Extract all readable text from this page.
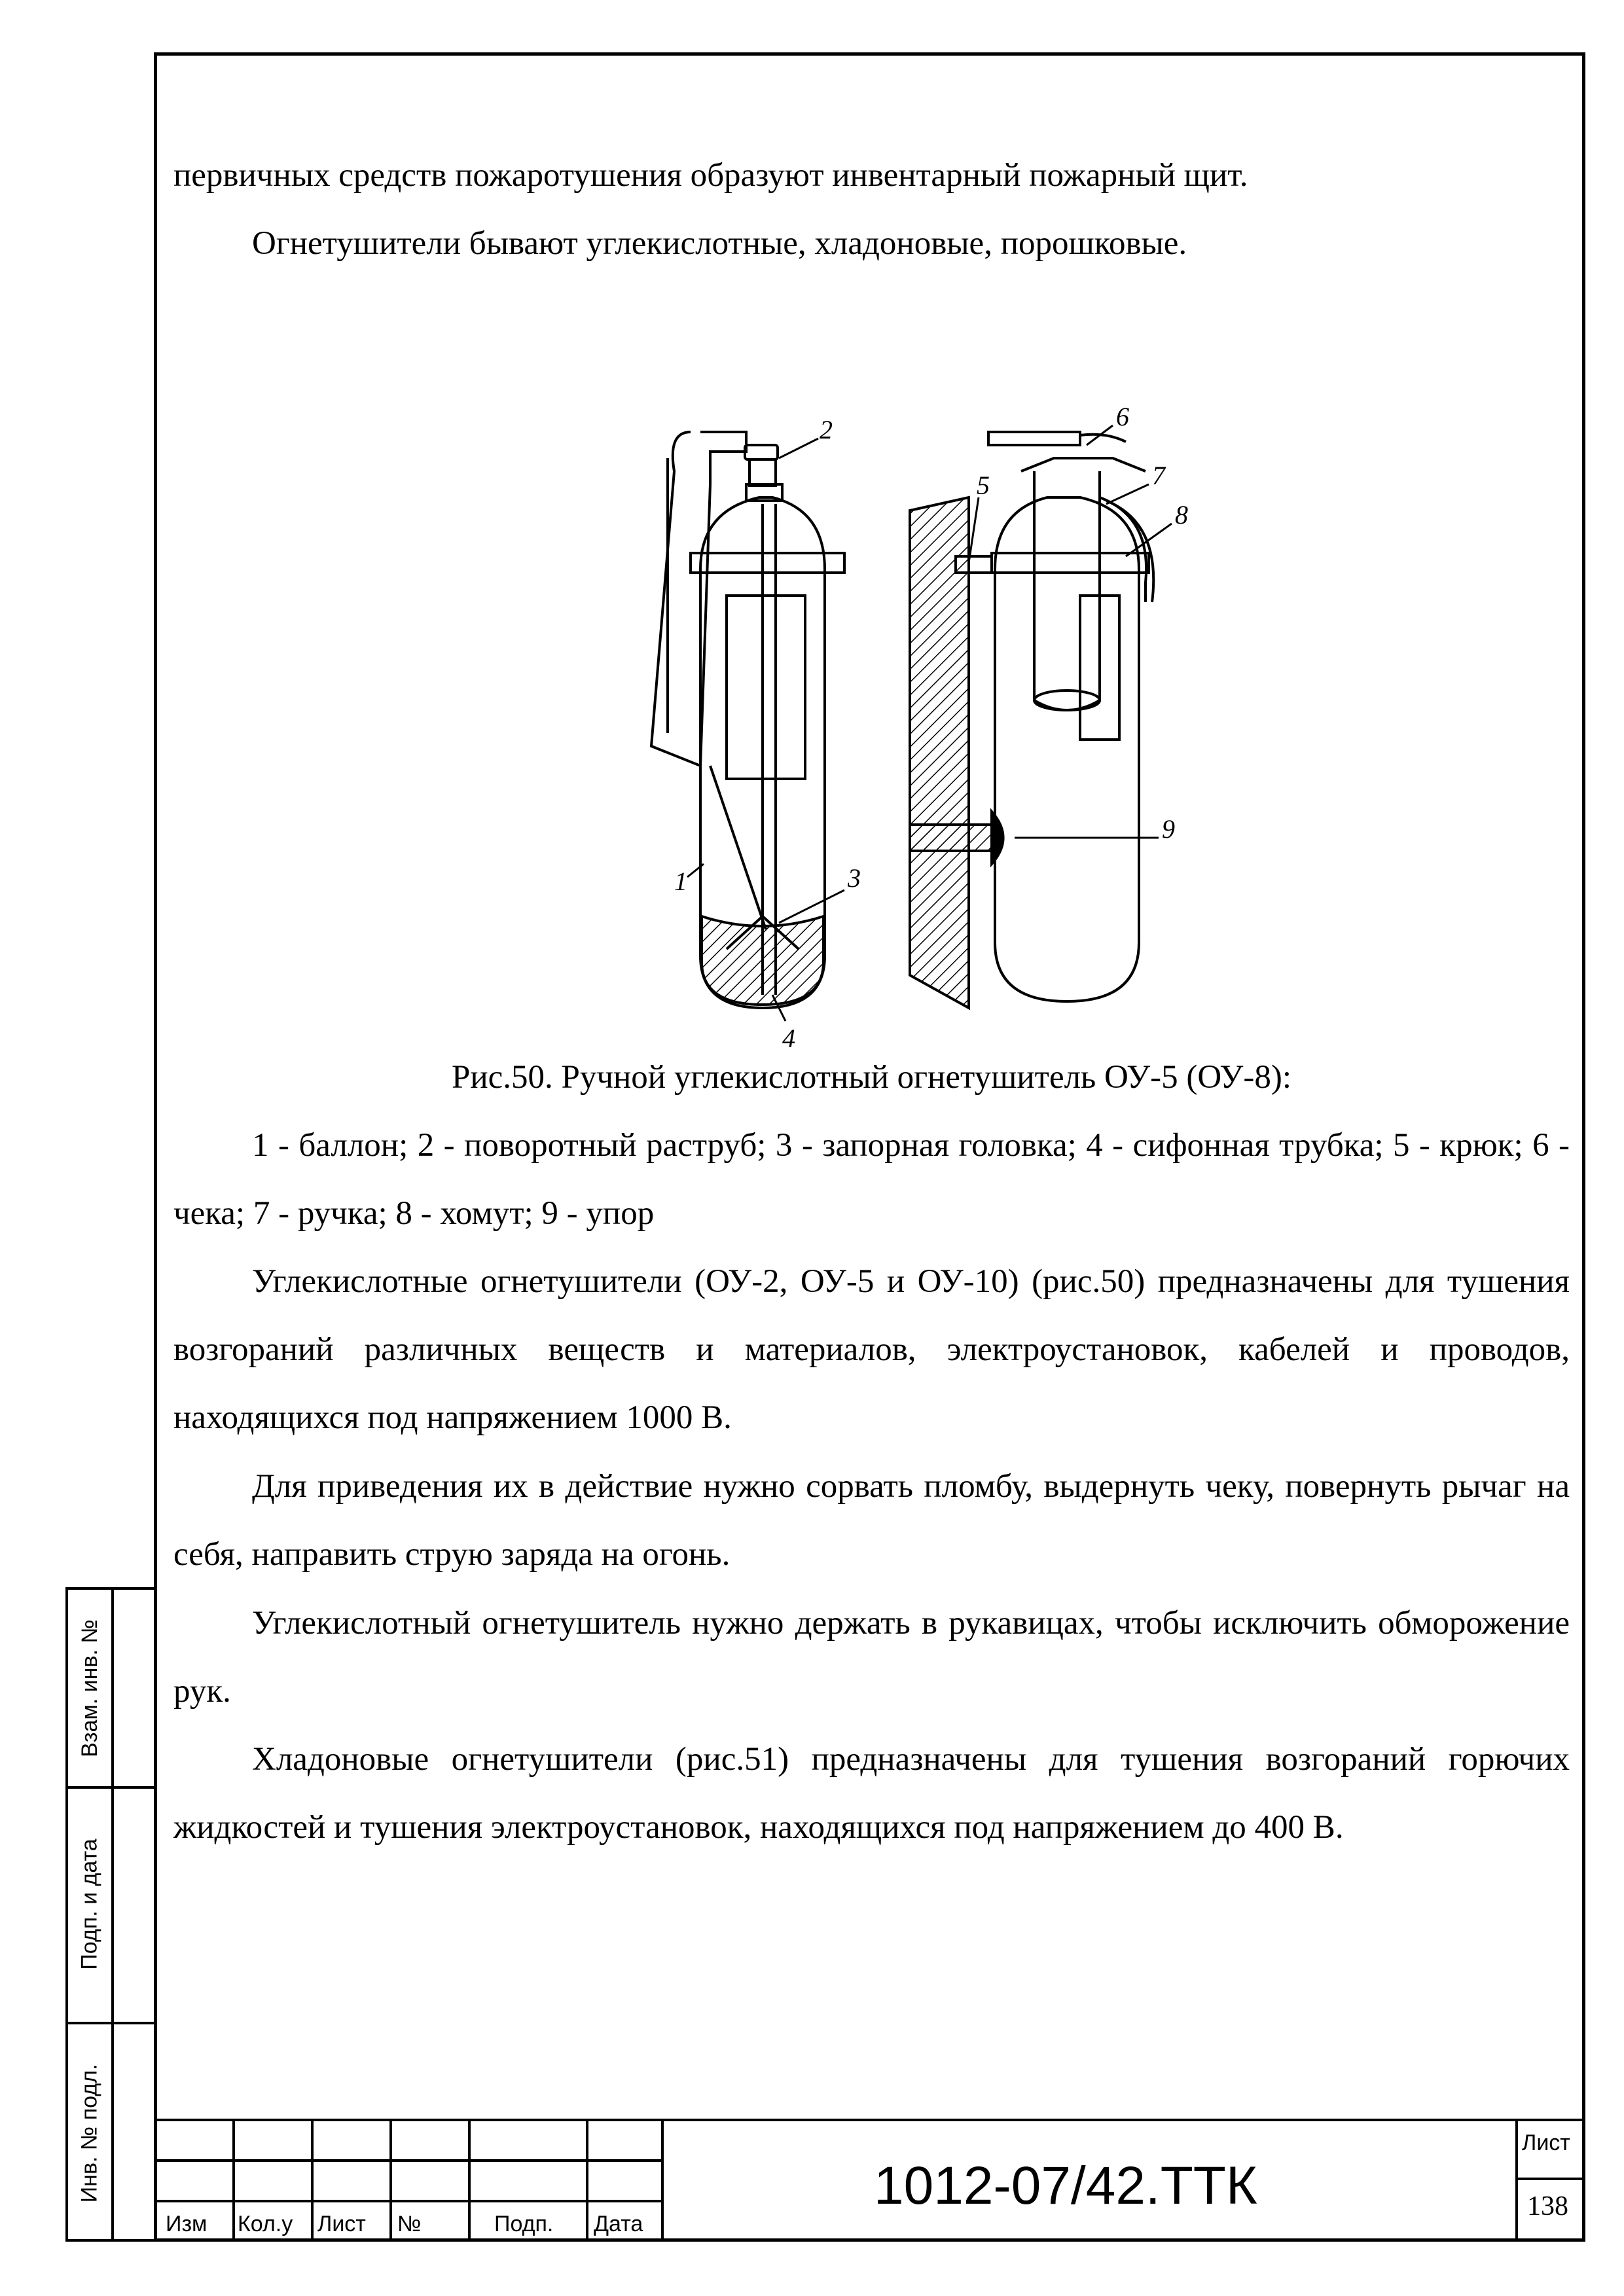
первичных средств пожаротушения образуют инвентарный пожарный щит.

Огнетушители бывают углекислотные, хладоновые, порошковые.

1
2
3
4
5
6
7
8
9

Рис.50. Ручной углекислотный огнетушитель ОУ-5 (ОУ-8):

1 - баллон; 2 - поворотный раструб; 3 - запорная головка; 4 - сифонная трубка; 5 - крюк; 6 - чека; 7 - ручка; 8 - хомут; 9 - упор

Углекислотные огнетушители (ОУ-2, ОУ-5 и ОУ-10) (рис.50) предназначены для тушения возгораний различных веществ и материалов, электроустановок, кабелей и проводов, находящихся под напряжением 1000 В.

Для приведения их в действие нужно сорвать пломбу, выдернуть чеку, повернуть рычаг на себя, направить струю заряда на огонь.

Углекислотный огнетушитель нужно держать в рукавицах, чтобы исключить обморожение рук.

Хладоновые огнетушители (рис.51) предназначены для тушения возгораний горючих жидкостей и тушения электроустановок, находящихся под напряжением до 400 В.

Взам. инв. №
Подп. и дата
Инв. № подл.
Изм Кол.у Лист №	Подп. Дата
1012-07/42.ТТК
Лист
138
